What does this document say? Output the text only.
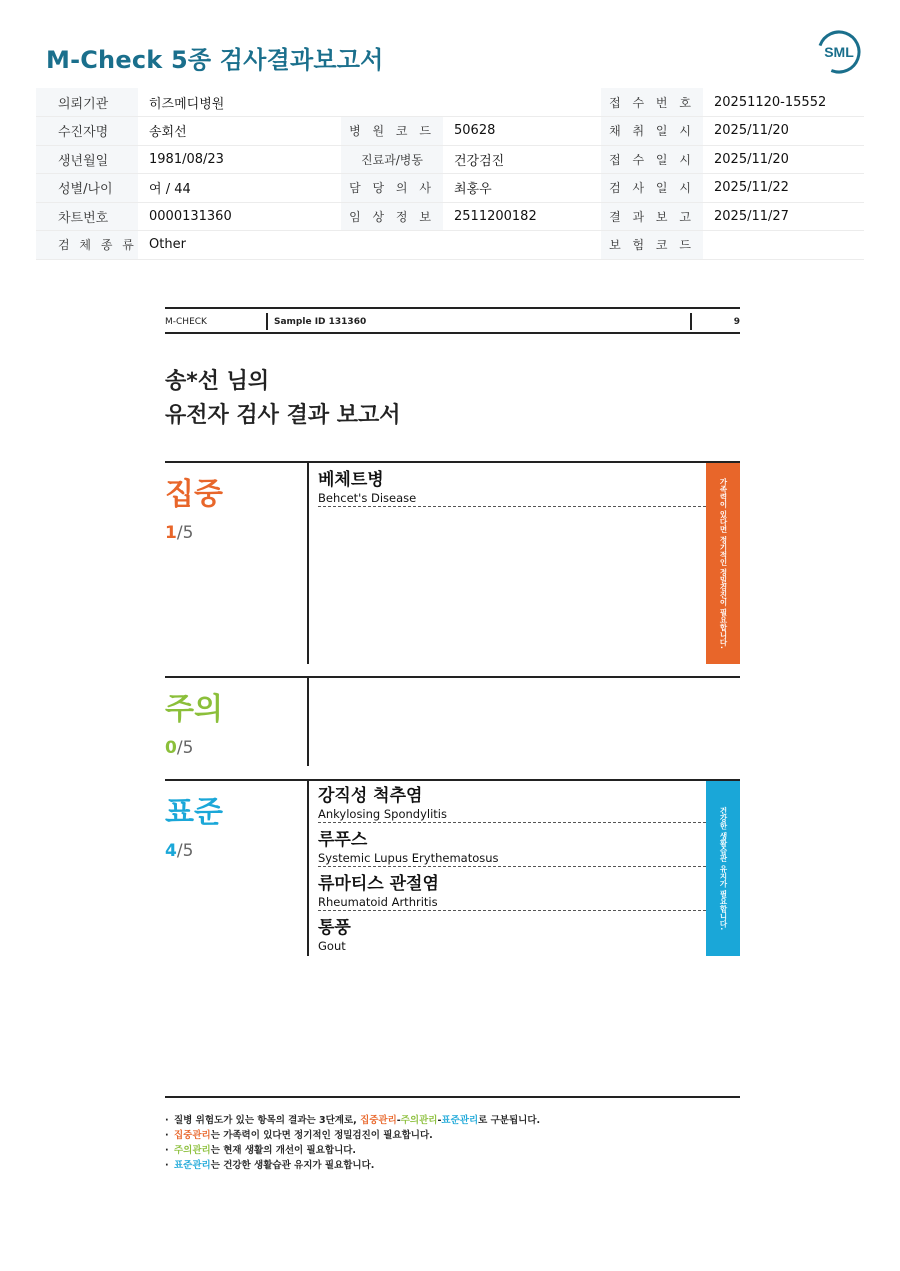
M-Check 5종 검사결과보고서	SML
의뢰기관	히즈메디병원			접 수 번 호	20251120-15552
수진자명	송회선	병 원 코 드	50628	채 취 일 시	2025/11/20
생년월일	1981/08/23	진료과/병동	건강검진	접 수 일 시	2025/11/20
성별/나이	여 / 44	담 당 의 사	최홍우	검 사 일 시	2025/11/22
차트번호	0000131360	임 상 정 보	2511200182	결 과 보 고	2025/11/27
검 체 종 류	Other			보 험 코 드	
M-CHECK	Sample ID 131360	9
송*선 님의
유전자 검사 결과 보고서
집중
1/5
베체트병
Behcet's Disease	가족력이 있다면 정기적인 정밀검진이 필요합니다.
주의
0/5
표준
4/5
강직성 척추염
Ankylosing Spondylitis
루푸스
Systemic Lupus Erythematosus
류마티스 관절염
Rheumatoid Arthritis
통풍
Gout
건강한 생활습관 유지가 필요합니다.
· 질병 위험도가 있는 항목의 결과는 3단계로, 집중관리-주의관리-표준관리로 구분됩니다.
· 집중관리는 가족력이 있다면 정기적인 정밀검진이 필요합니다.
· 주의관리는 현재 생활의 개선이 필요합니다.
· 표준관리는 건강한 생활습관 유지가 필요합니다.
